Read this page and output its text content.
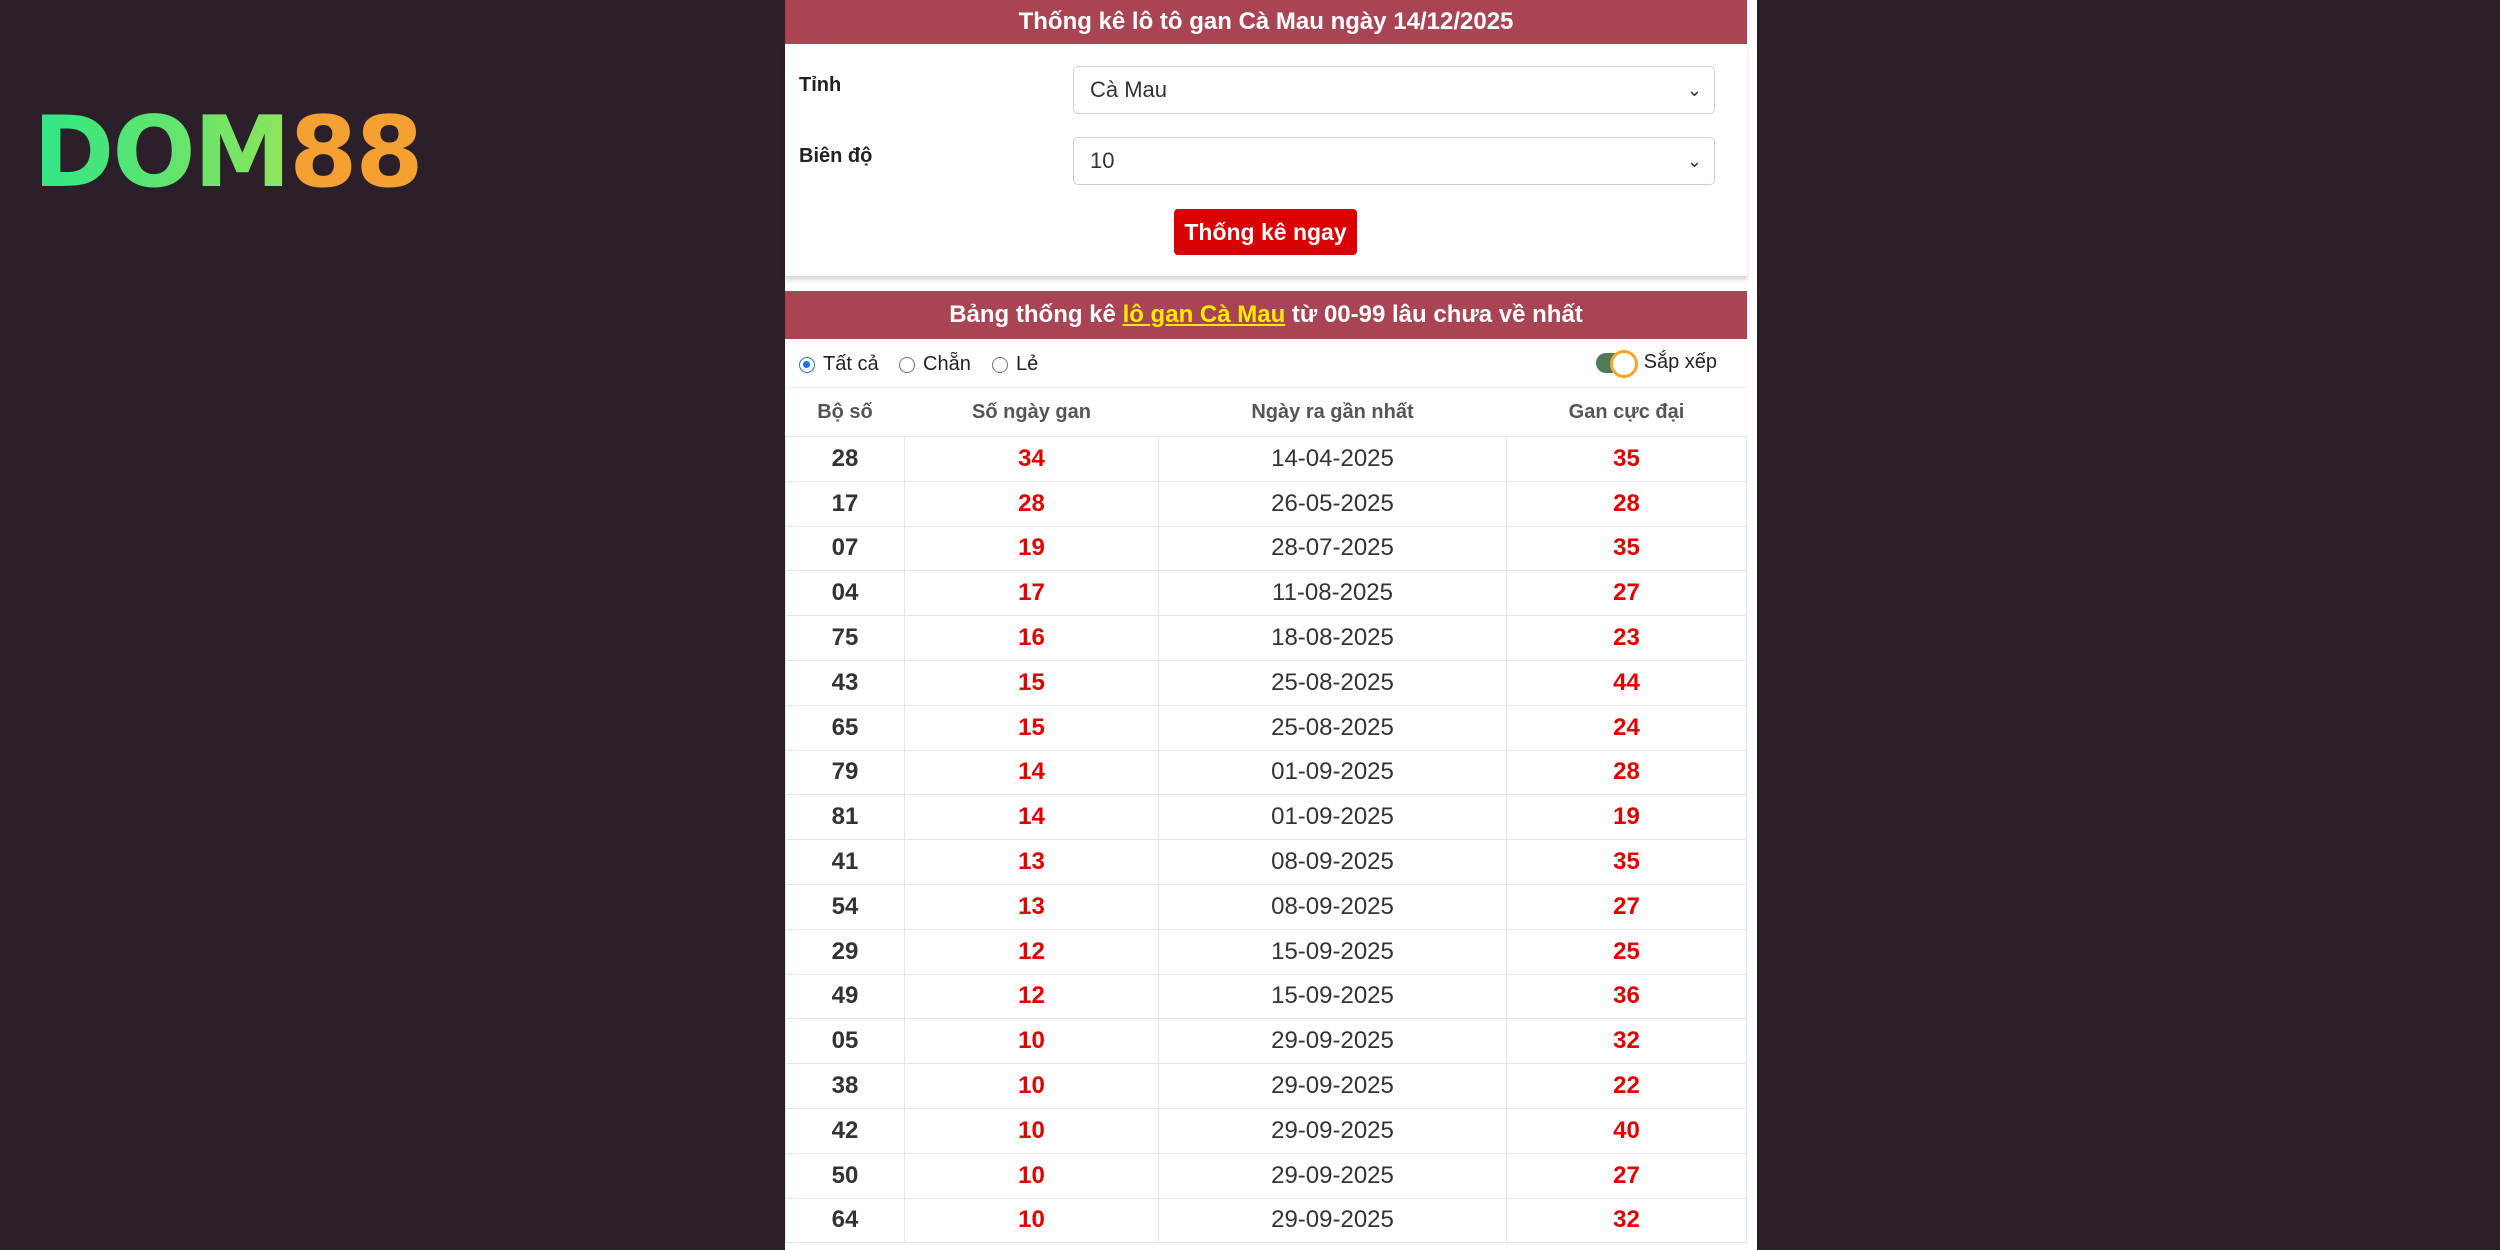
DOM88
Thống kê lô tô gan Cà Mau ngày 14/12/2025
Tỉnh	Cà Mau	⌄
Biên độ	10	⌄
Thống kê ngay
Bảng thống kê lô gan Cà Mau từ 00-99 lâu chưa về nhất
Tất cả Chẵn Lẻ	Sắp xếp
Bộ số	Số ngày gan	Ngày ra gần nhất	Gan cực đại
28	34	14-04-2025	35
17	28	26-05-2025	28
07	19	28-07-2025	35
04	17	11-08-2025	27
75	16	18-08-2025	23
43	15	25-08-2025	44
65	15	25-08-2025	24
79	14	01-09-2025	28
81	14	01-09-2025	19
41	13	08-09-2025	35
54	13	08-09-2025	27
29	12	15-09-2025	25
49	12	15-09-2025	36
05	10	29-09-2025	32
38	10	29-09-2025	22
42	10	29-09-2025	40
50	10	29-09-2025	27
64	10	29-09-2025	32
